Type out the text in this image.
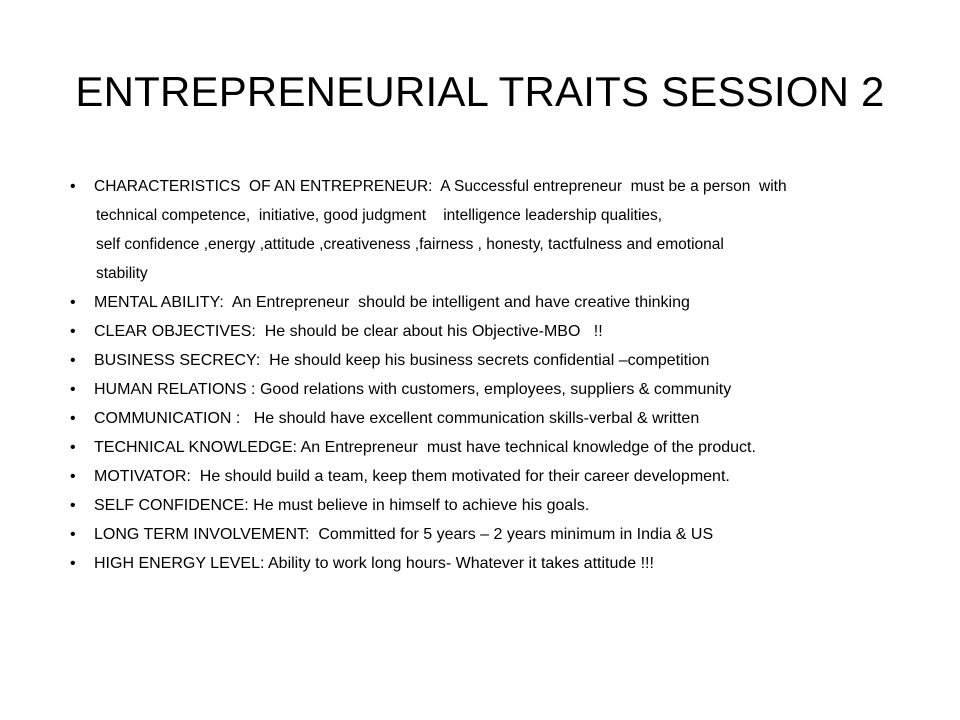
ENTREPRENEURIAL TRAITS SESSION 2
•	CHARACTERISTICS  OF AN ENTREPRENEUR:  A Successful entrepreneur  must be a person  with
technical competence,  initiative, good judgment    intelligence leadership qualities,
self confidence ,energy ,attitude ,creativeness ,fairness , honesty, tactfulness and emotional
stability
•	MENTAL ABILITY:  An Entrepreneur  should be intelligent and have creative thinking
•	CLEAR OBJECTIVES:  He should be clear about his Objective-MBO   !!
•	BUSINESS SECRECY:  He should keep his business secrets confidential –competition
•	HUMAN RELATIONS : Good relations with customers, employees, suppliers & community
•	COMMUNICATION :   He should have excellent communication skills-verbal & written
•	TECHNICAL KNOWLEDGE: An Entrepreneur  must have technical knowledge of the product.
•	MOTIVATOR:  He should build a team, keep them motivated for their career development.
•	SELF CONFIDENCE: He must believe in himself to achieve his goals.
•	LONG TERM INVOLVEMENT:  Committed for 5 years – 2 years minimum in India & US
•	HIGH ENERGY LEVEL: Ability to work long hours- Whatever it takes attitude !!!
